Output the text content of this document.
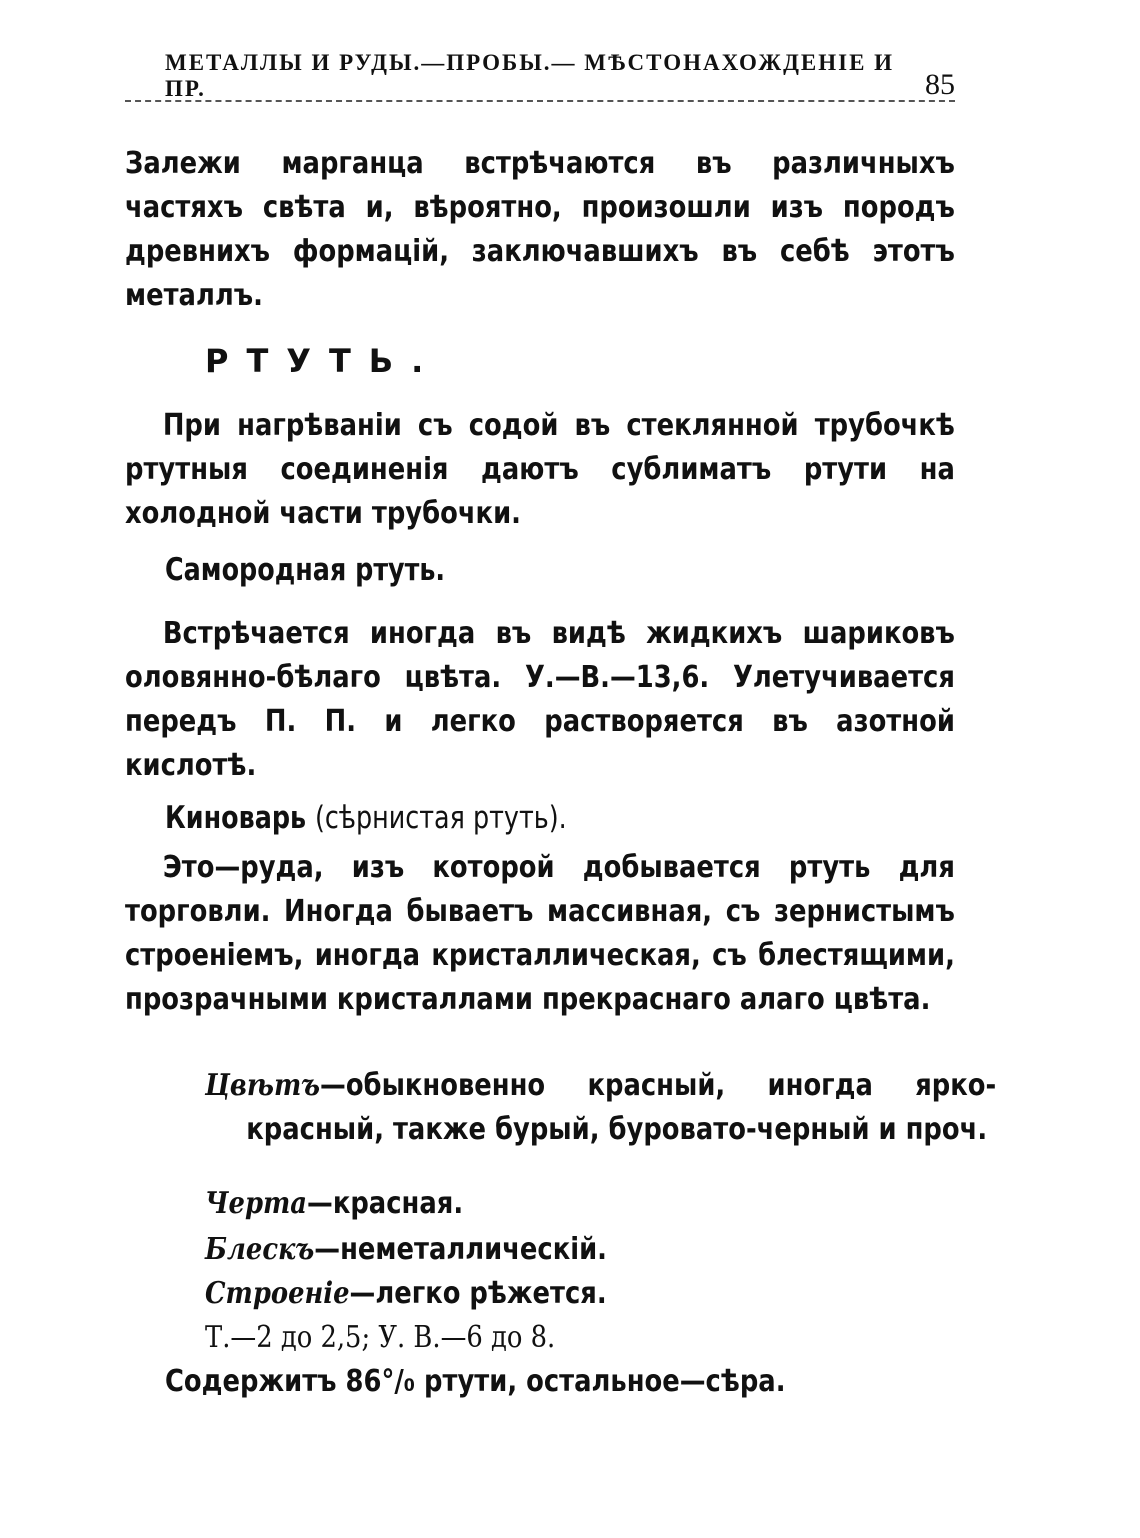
МЕТАЛЛЫ И РУДЫ.—ПРОБЫ.— МѢСТОНАХОЖДЕНІЕ И ПР.	85

Залежи марганца встрѣчаются въ различныхъ частяхъ свѣта и, вѣроятно, произошли изъ породъ древнихъ формацій, заключавшихъ въ себѣ этотъ металлъ.

РТУТЬ.

При нагрѣваніи съ содой въ стеклянной трубочкѣ ртутныя соединенія даютъ сублиматъ ртути на холодной части трубочки.

Самородная ртуть.

Встрѣчается иногда въ видѣ жидкихъ шариковъ оловянно-бѣлаго цвѣта. У.—В.—13,6. Улетучивается передъ П. П. и легко растворяется въ азотной кислотѣ.

Киноварь (сѣрнистая ртуть).

Это—руда, изъ которой добывается ртуть для торговли. Иногда бываетъ массивная, съ зернистымъ строеніемъ, иногда кристаллическая, съ блестящими, прозрачными кристаллами прекраснаго алаго цвѣта.

Цвѣтъ—обыкновенно красный, иногда ярко-красный, также бурый, буровато-черный и проч.

Черта—красная.

Блескъ—неметаллическій.

Строеніе—легко рѣжется.

Т.—2 до 2,5; У. В.—6 до 8.

Содержитъ 86°/₀ ртути, остальное—сѣра.
